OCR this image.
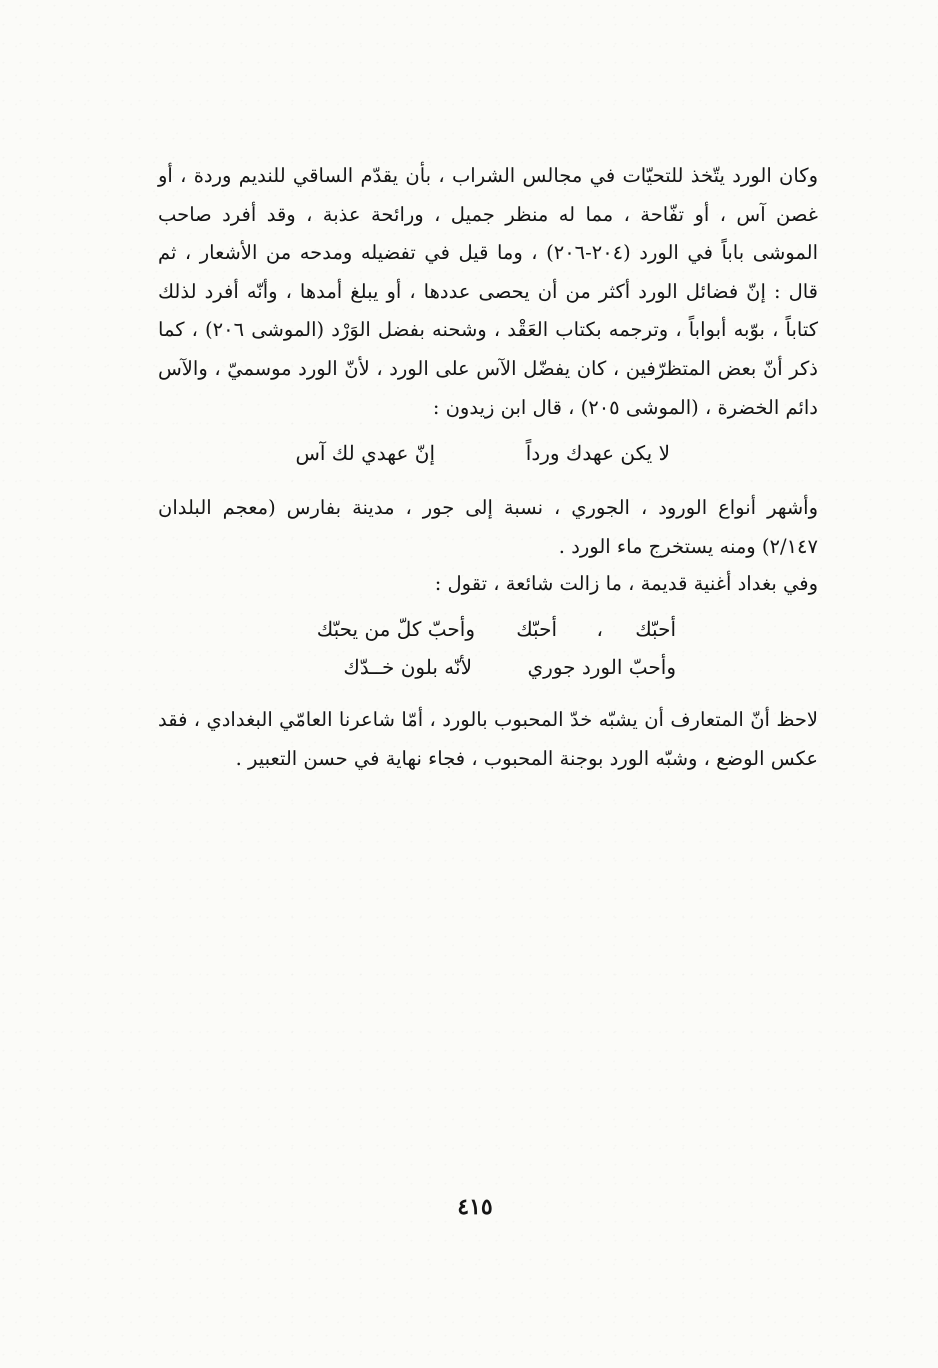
وكان الورد يتّخذ للتحيّات في مجالس الشراب ، بأن يقدّم الساقي للنديم وردة ، أو غصن آس ، أو تفّاحة ، مما له منظر جميل ، ورائحة عذبة ، وقد أفرد صاحب الموشى باباً في الورد (٢٠٤-٢٠٦) ، وما قيل في تفضيله ومدحه من الأشعار ، ثم قال : إنّ فضائل الورد أكثر من أن يحصى عددها ، أو يبلغ أمدها ، وأنّه أفرد لذلك كتاباً ، بوّبه أبواباً ، وترجمه بكتاب العَقْد ، وشحنه بفضل الوَرْد (الموشى ٢٠٦) ، كما ذكر أنّ بعض المتظرّفين ، كان يفضّل الآس على الورد ، لأنّ الورد موسميّ ، والآس دائم الخضرة ، (الموشى ٢٠٥) ، قال ابن زيدون :

لا يكن عهدك ورداً
إنّ عهدي لك آس

وأشهر أنواع الورود ، الجوري ، نسبة إلى جور ، مدينة بفارس (معجم البلدان ٢/١٤٧) ومنه يستخرج ماء الورد .

وفي بغداد أغنية قديمة ، ما زالت شائعة ، تقول :

أحبّك
،
أحبّك
وأحبّ كلّ من يحبّك
وأحبّ الورد جوري
لأنّه بلون خــدّك

لاحظ أنّ المتعارف أن يشبّه خدّ المحبوب بالورد ، أمّا شاعرنا العامّي البغدادي ، فقد عكس الوضع ، وشبّه الورد بوجنة المحبوب ، فجاء نهاية في حسن التعبير .

٤١٥
